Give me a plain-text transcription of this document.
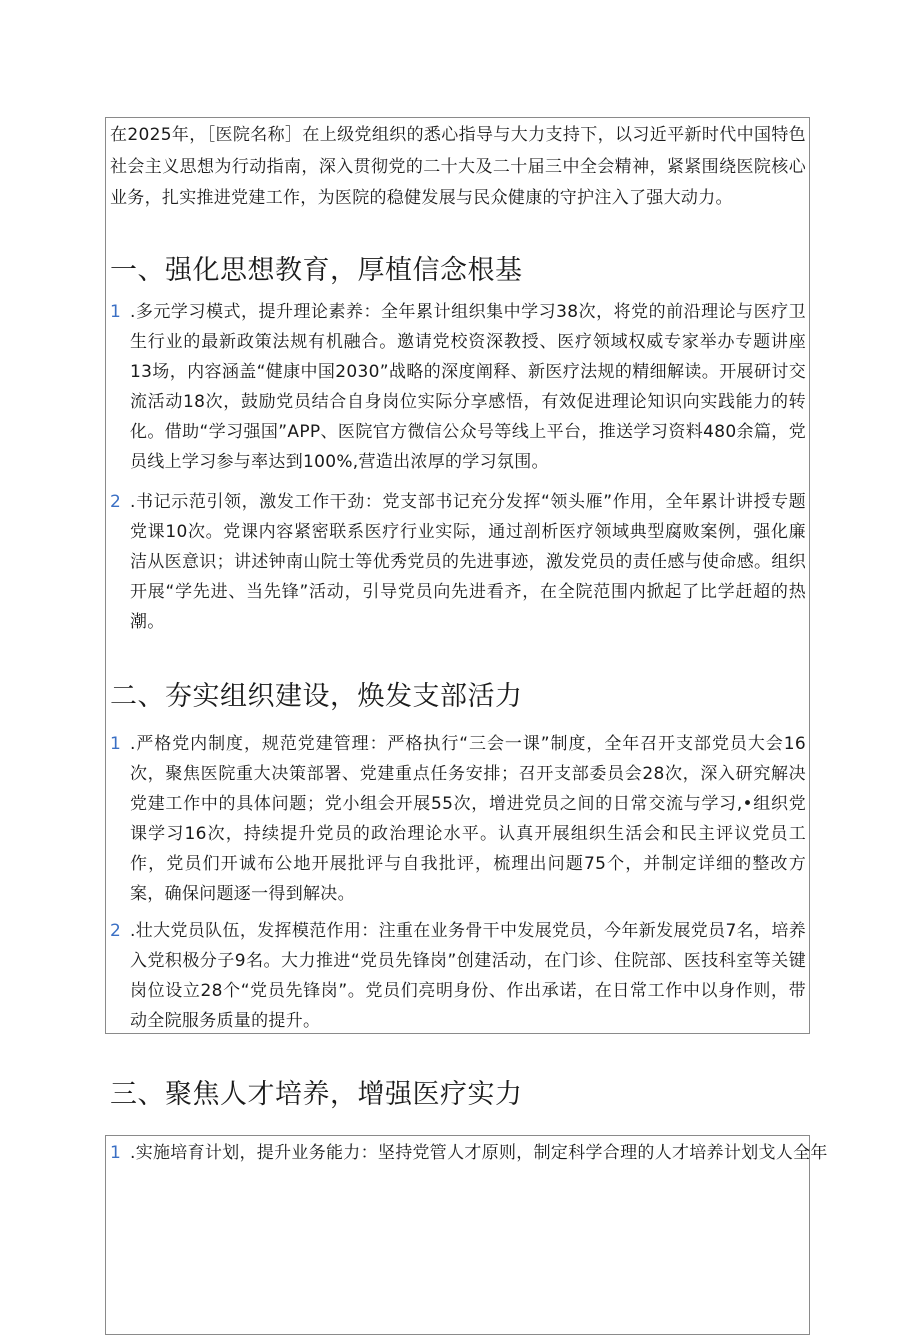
在2025年，［医院名称］在上级党组织的悉心指导与大力支持下，以习近平新时代中国特色社会主义思想为行动指南，深入贯彻党的二十大及二十届三中全会精神，紧紧围绕医院核心业务，扎实推进党建工作，为医院的稳健发展与民众健康的守护注入了强大动力。

一、强化思想教育，厚植信念根基
1 .多元学习模式，提升理论素养：全年累计组织集中学习38次，将党的前沿理论与医疗卫生行业的最新政策法规有机融合。邀请党校资深教授、医疗领域权威专家举办专题讲座13场，内容涵盖“健康中国2030”战略的深度阐释、新医疗法规的精细解读。开展研讨交流活动18次，鼓励党员结合自身岗位实际分享感悟，有效促进理论知识向实践能力的转化。借助“学习强国”APP、医院官方微信公众号等线上平台，推送学习资料480余篇，党员线上学习参与率达到100%,营造出浓厚的学习氛围。
2 .书记示范引领，激发工作干劲：党支部书记充分发挥“领头雁”作用，全年累计讲授专题党课10次。党课内容紧密联系医疗行业实际，通过剖析医疗领域典型腐败案例，强化廉洁从医意识；讲述钟南山院士等优秀党员的先进事迹，激发党员的责任感与使命感。组织开展“学先进、当先锋”活动，引导党员向先进看齐，在全院范围内掀起了比学赶超的热潮。
二、夯实组织建设，焕发支部活力
1 .严格党内制度，规范党建管理：严格执行“三会一课”制度，全年召开支部党员大会16次，聚焦医院重大决策部署、党建重点任务安排；召开支部委员会28次，深入研究解决党建工作中的具体问题；党小组会开展55次，增进党员之间的日常交流与学习,•组织党课学习16次，持续提升党员的政治理论水平。认真开展组织生活会和民主评议党员工作，党员们开诚布公地开展批评与自我批评，梳理出问题75个，并制定详细的整改方案，确保问题逐一得到解决。
2 .壮大党员队伍，发挥模范作用：注重在业务骨干中发展党员，今年新发展党员7名，培养入党积极分子9名。大力推进“党员先锋岗”创建活动，在门诊、住院部、医技科室等关键岗位设立28个“党员先锋岗”。党员们亮明身份、作出承诺，在日常工作中以身作则，带动全院服务质量的提升。
三、聚焦人才培养，增强医疗实力
1 .实施培育计划，提升业务能力：坚持党管人才原则，制定科学合理的人才培养计划戈人全年
